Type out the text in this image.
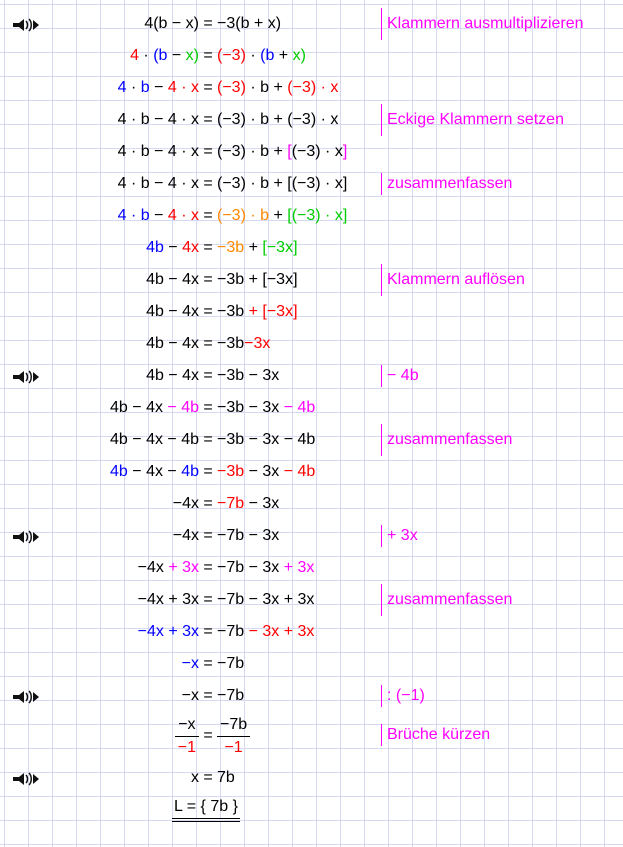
4(b − x) = −3(b + x)	Klammern ausmultiplizieren
4 · (b − x) = (−3) · (b + x)
4 · b − 4 · x = (−3) · b + (−3) · x
4 · b − 4 · x = (−3) · b + (−3) · x	Eckige Klammern setzen
4 · b − 4 · x = (−3) · b + [(−3) · x]
4 · b − 4 · x = (−3) · b + [(−3) · x]	zusammenfassen
4 · b − 4 · x = (−3) · b + [(−3) · x]
4b − 4x = −3b + [−3x]
4b − 4x = −3b + [−3x]	Klammern auflösen
4b − 4x = −3b + [−3x]
4b − 4x = −3b−3x
4b − 4x = −3b − 3x	− 4b
4b − 4x − 4b = −3b − 3x − 4b
4b − 4x − 4b = −3b − 3x − 4b	zusammenfassen
4b − 4x − 4b = −3b − 3x − 4b
−4x = −7b − 3x
−4x = −7b − 3x	+ 3x
−4x + 3x = −7b − 3x + 3x
−4x + 3x = −7b − 3x + 3x	zusammenfassen
−4x + 3x = −7b − 3x + 3x
−x = −7b
−x = −7b	: (−1)
$\frac{-x}{-1} = \frac{-7b}{-1}$	Brüche kürzen
x = 7b
L = { 7b }
